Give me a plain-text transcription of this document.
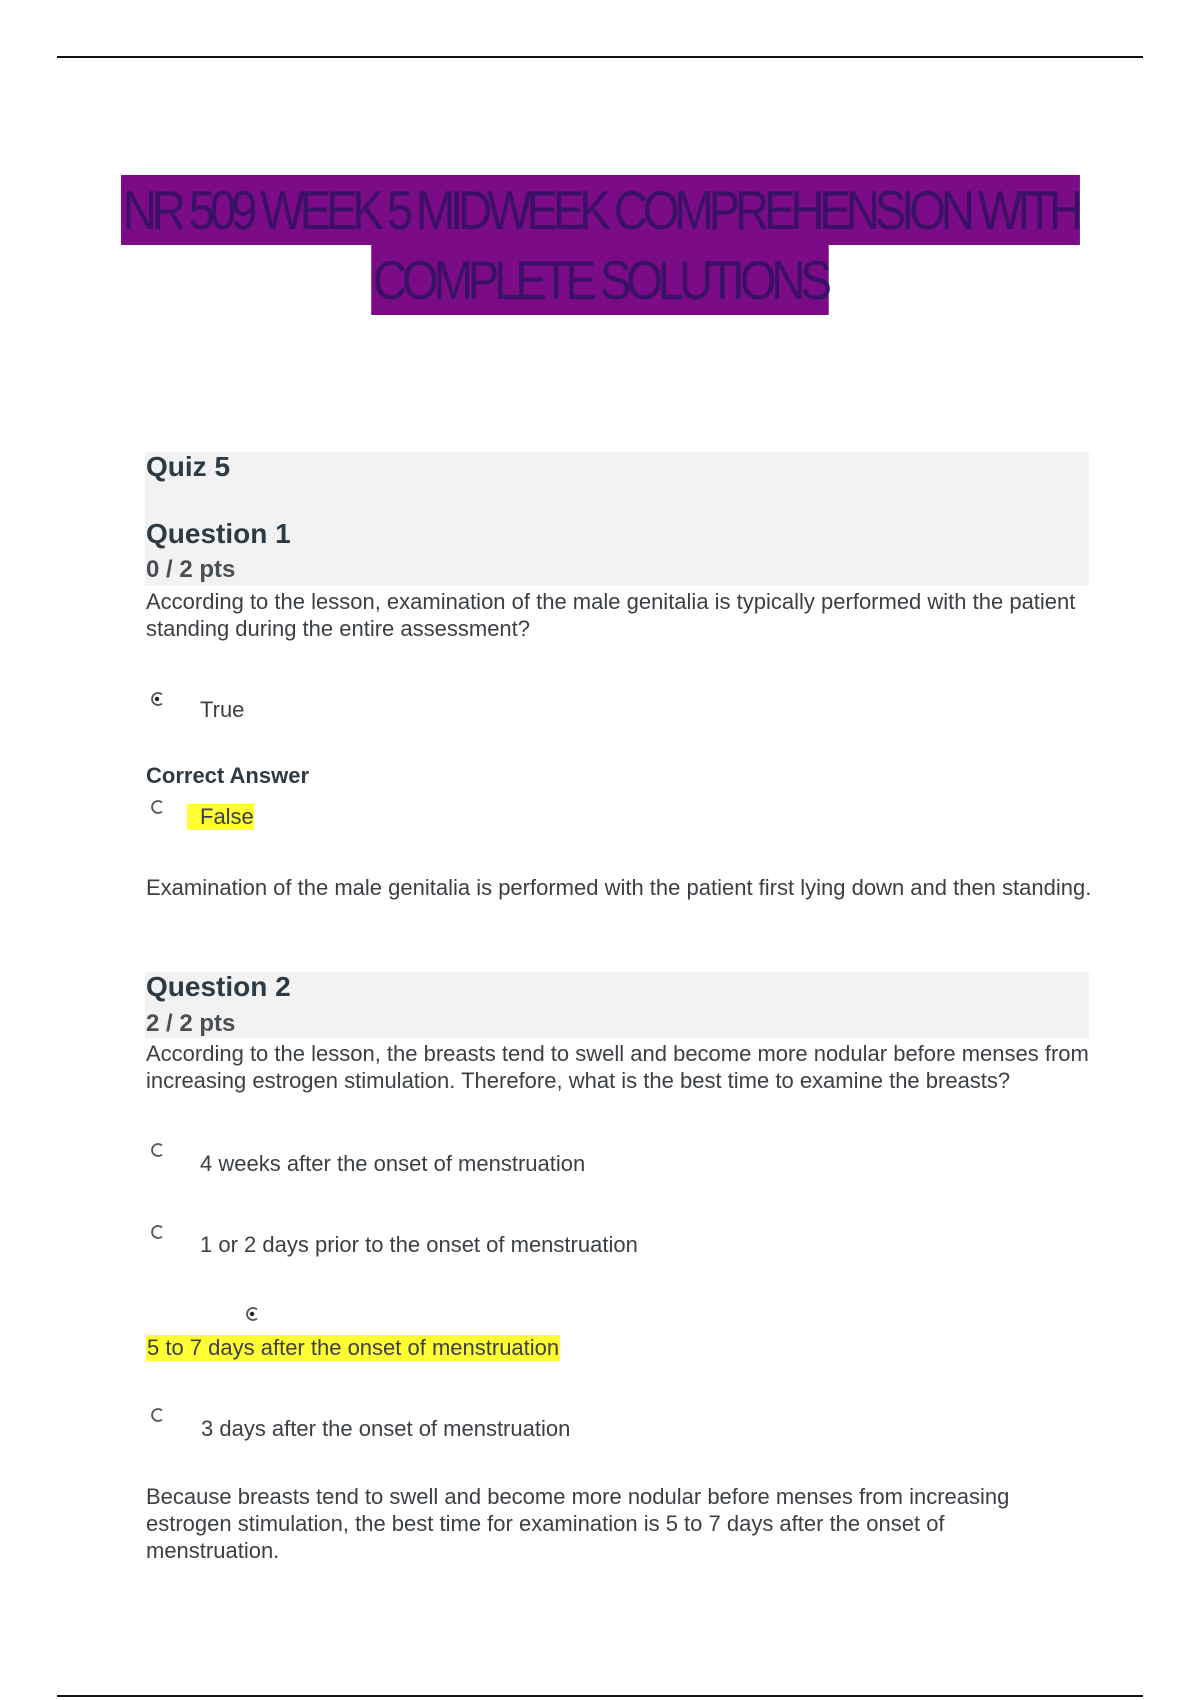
NR 509 WEEK 5 MIDWEEK COMPREHENSION WITH
COMPLETE SOLUTIONS

Quiz 5

Question 1

0 / 2 pts

According to the lesson, examination of the male genitalia is typically performed with the patient standing during the entire assessment?

True
Correct Answer
False

Examination of the male genitalia is performed with the patient first lying down and then standing.

Question 2

2 / 2 pts

According to the lesson, the breasts tend to swell and become more nodular before menses from increasing estrogen stimulation. Therefore, what is the best time to examine the breasts?

4 weeks after the onset of menstruation
1 or 2 days prior to the onset of menstruation
5 to 7 days after the onset of menstruation
3 days after the onset of menstruation

Because breasts tend to swell and become more nodular before menses from increasing estrogen stimulation, the best time for examination is 5 to 7 days after the onset of menstruation.
